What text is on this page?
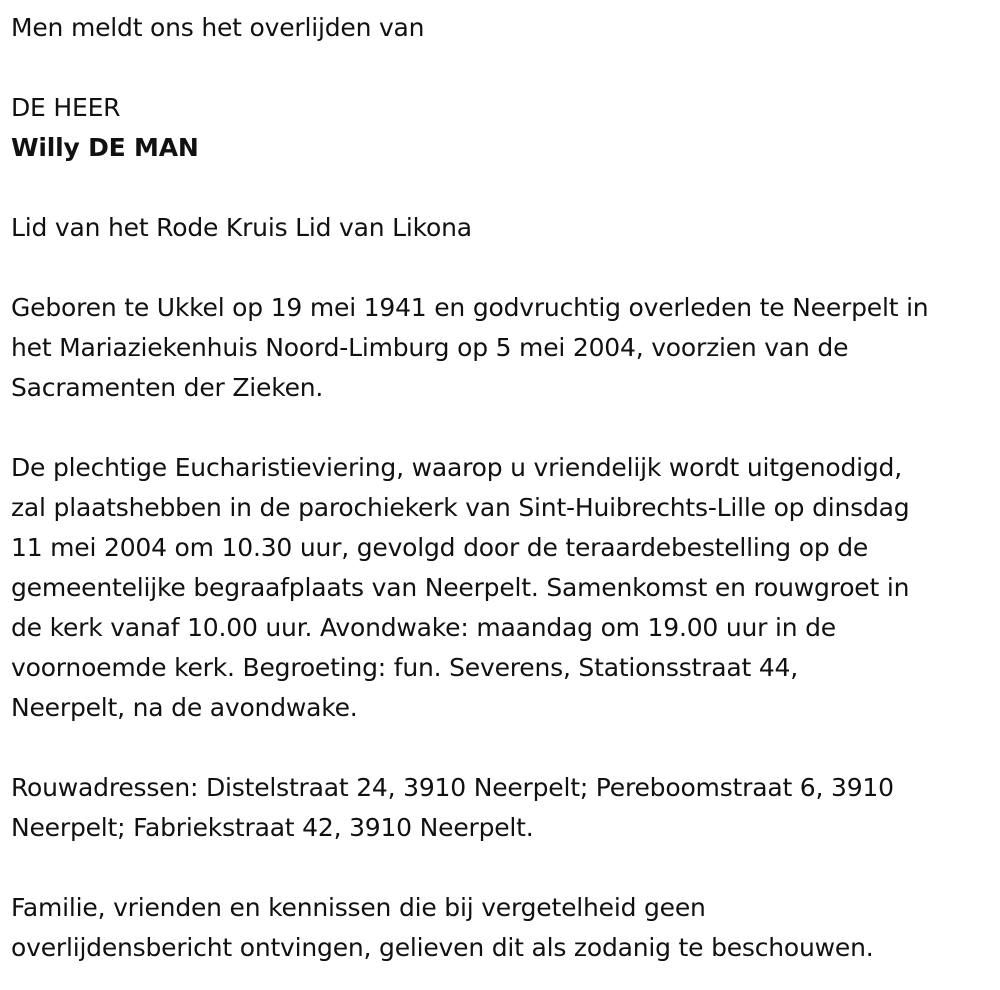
Men meldt ons het overlijden van

DE HEER

Willy DE MAN

Lid van het Rode Kruis Lid van Likona

Geboren te Ukkel op 19 mei 1941 en godvruchtig overleden te Neerpelt in

het Mariaziekenhuis Noord-Limburg op 5 mei 2004, voorzien van de

Sacramenten der Zieken.

De plechtige Eucharistieviering, waarop u vriendelijk wordt uitgenodigd,

zal plaatshebben in de parochiekerk van Sint-Huibrechts-Lille op dinsdag

11 mei 2004 om 10.30 uur, gevolgd door de teraardebestelling op de

gemeentelijke begraafplaats van Neerpelt. Samenkomst en rouwgroet in

de kerk vanaf 10.00 uur. Avondwake: maandag om 19.00 uur in de

voornoemde kerk. Begroeting: fun. Severens, Stationsstraat 44,

Neerpelt, na de avondwake.

Rouwadressen: Distelstraat 24, 3910 Neerpelt; Pereboomstraat 6, 3910

Neerpelt; Fabriekstraat 42, 3910 Neerpelt.

Familie, vrienden en kennissen die bij vergetelheid geen

overlijdensbericht ontvingen, gelieven dit als zodanig te beschouwen.
